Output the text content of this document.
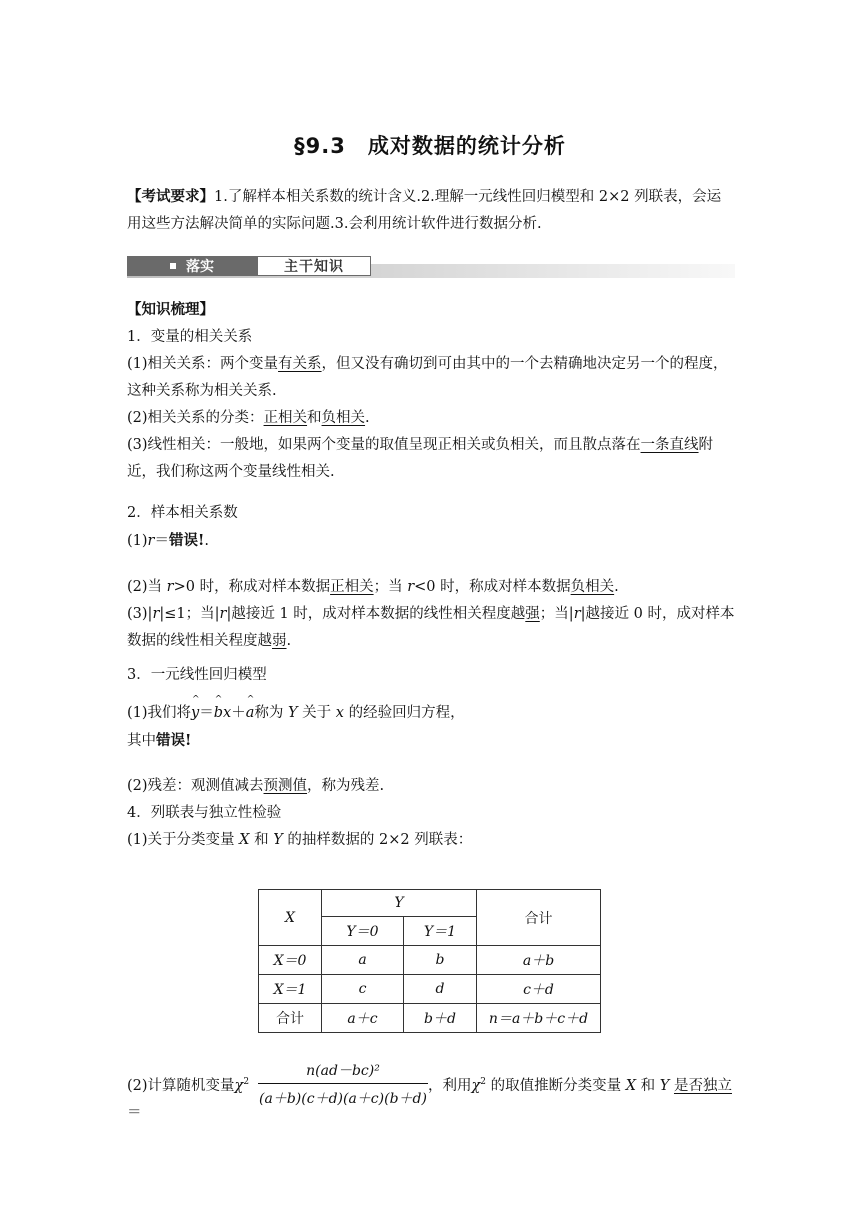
§9.3　成对数据的统计分析
【考试要求】1.了解样本相关系数的统计含义.2.理解一元线性回归模型和 2×2 列联表，会运
用这些方法解决简单的实际问题.3.会利用统计软件进行数据分析.
落实	主干知识
【知识梳理】
1．变量的相关关系
(1)相关关系：两个变量有关系，但又没有确切到可由其中的一个去精确地决定另一个的程度，
这种关系称为相关关系.
(2)相关关系的分类：正相关和负相关.
(3)线性相关：一般地，如果两个变量的取值呈现正相关或负相关，而且散点落在一条直线附
近，我们称这两个变量线性相关.
2．样本相关系数
(1)r＝错误!.
(2)当 r>0 时，称成对样本数据正相关；当 r<0 时，称成对样本数据负相关.
(3)|r|≤1；当|r|越接近 1 时，成对样本数据的线性相关程度越强；当|r|越接近 0 时，成对样本
数据的线性相关程度越弱.
3．一元线性回归模型
(1)我们将^ y＝^ bx＋^ a称为 Y 关于 x 的经验回归方程，
其中错误!
(2)残差：观测值减去预测值，称为残差.
4．列联表与独立性检验
(1)关于分类变量 X 和 Y 的抽样数据的 2×2 列联表：
X	Y		合计
	Y＝0	Y＝1	
X＝0	a	b	a＋b
X＝1	c	d	c＋d
合计	a＋c	b＋d	n＝a＋b＋c＋d
(2)计算随机变量$\chi^2=$
n(ad－bc)²
(a＋b)(c＋d)(a＋c)(b＋d)
，利用$\chi^2$ 的取值推断分类变量 X 和 Y 是否独立
